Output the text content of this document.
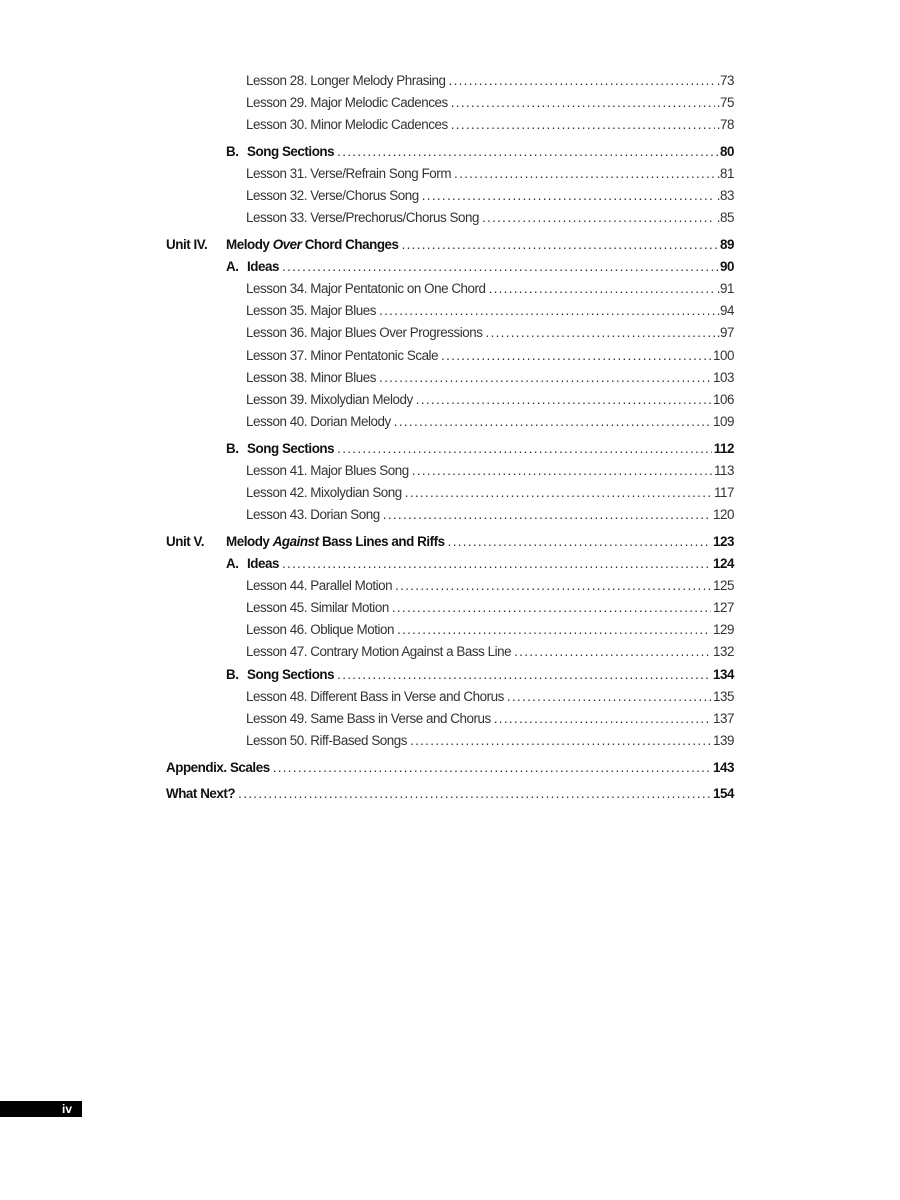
Lesson 28. Longer Melody Phrasing . . .	.73
Lesson 29. Major Melodic Cadences . . .	.75
Lesson 30. Minor Melodic Cadences . . .	.78
B. Song Sections . . .	80
Lesson 31. Verse/Refrain Song Form . . .	.81
Lesson 32. Verse/Chorus Song . . .	.83
Lesson 33. Verse/Prechorus/Chorus Song . . .	.85
Unit IV.	Melody Over Chord Changes . . .	89
A. Ideas . . .	90
Lesson 34. Major Pentatonic on One Chord . . .	.91
Lesson 35. Major Blues . . .	.94
Lesson 36. Major Blues Over Progressions . . .	.97
Lesson 37. Minor Pentatonic Scale . . .	100
Lesson 38. Minor Blues . . .	103
Lesson 39. Mixolydian Melody . . .	106
Lesson 40. Dorian Melody . . .	109
B. Song Sections . . .	112
Lesson 41. Major Blues Song . . .	113
Lesson 42. Mixolydian Song . . .	117
Lesson 43. Dorian Song . . .	120
Unit V.	Melody Against Bass Lines and Riffs . . .	123
A. Ideas . . .	124
Lesson 44. Parallel Motion . . .	125
Lesson 45. Similar Motion . . .	127
Lesson 46. Oblique Motion . . .	129
Lesson 47. Contrary Motion Against a Bass Line . . .	132
B. Song Sections . . .	134
Lesson 48. Different Bass in Verse and Chorus . . .	135
Lesson 49. Same Bass in Verse and Chorus . . .	137
Lesson 50. Riff-Based Songs . . .	139
Appendix. Scales . . .	143
What Next? . . .	154
iv
